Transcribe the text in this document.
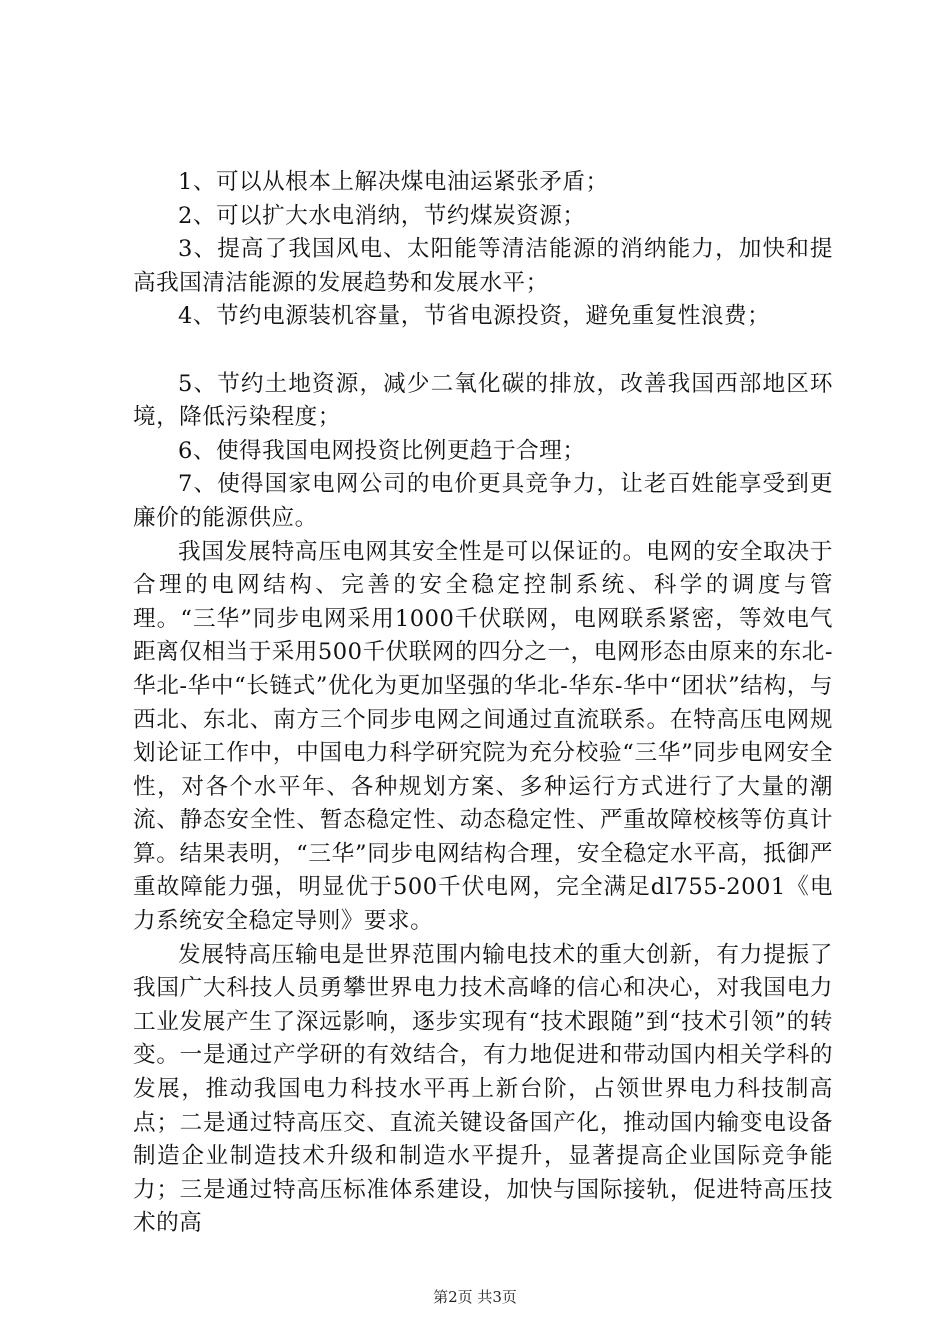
1、可以从根本上解决煤电油运紧张矛盾；

2、可以扩大水电消纳，节约煤炭资源；

3、提高了我国风电、太阳能等清洁能源的消纳能力，加快和提高我国清洁能源的发展趋势和发展水平；

4、节约电源装机容量，节省电源投资，避免重复性浪费；

5、节约土地资源，减少二氧化碳的排放，改善我国西部地区环境，降低污染程度；

6、使得我国电网投资比例更趋于合理；

7、使得国家电网公司的电价更具竞争力，让老百姓能享受到更廉价的能源供应。

我国发展特高压电网其安全性是可以保证的。电网的安全取决于合理的电网结构、完善的安全稳定控制系统、科学的调度与管理。“三华”同步电网采用1000千伏联网，电网联系紧密，等效电气距离仅相当于采用500千伏联网的四分之一，电网形态由原来的东北-华北-华中“长链式”优化为更加坚强的华北-华东-华中“团状”结构，与西北、东北、南方三个同步电网之间通过直流联系。在特高压电网规划论证工作中，中国电力科学研究院为充分校验“三华”同步电网安全性，对各个水平年、各种规划方案、多种运行方式进行了大量的潮流、静态安全性、暂态稳定性、动态稳定性、严重故障校核等仿真计算。结果表明，“三华”同步电网结构合理，安全稳定水平高，抵御严重故障能力强，明显优于500千伏电网，完全满足dl755-2001《电力系统安全稳定导则》要求。

发展特高压输电是世界范围内输电技术的重大创新，有力提振了我国广大科技人员勇攀世界电力技术高峰的信心和决心，对我国电力工业发展产生了深远影响，逐步实现有“技术跟随”到“技术引领”的转变。一是通过产学研的有效结合，有力地促进和带动国内相关学科的发展，推动我国电力科技水平再上新台阶，占领世界电力科技制高点；二是通过特高压交、直流关键设备国产化，推动国内输变电设备制造企业制造技术升级和制造水平提升，显著提高企业国际竞争能力；三是通过特高压标准体系建设，加快与国际接轨，促进特高压技术的高

第2页 共3页
